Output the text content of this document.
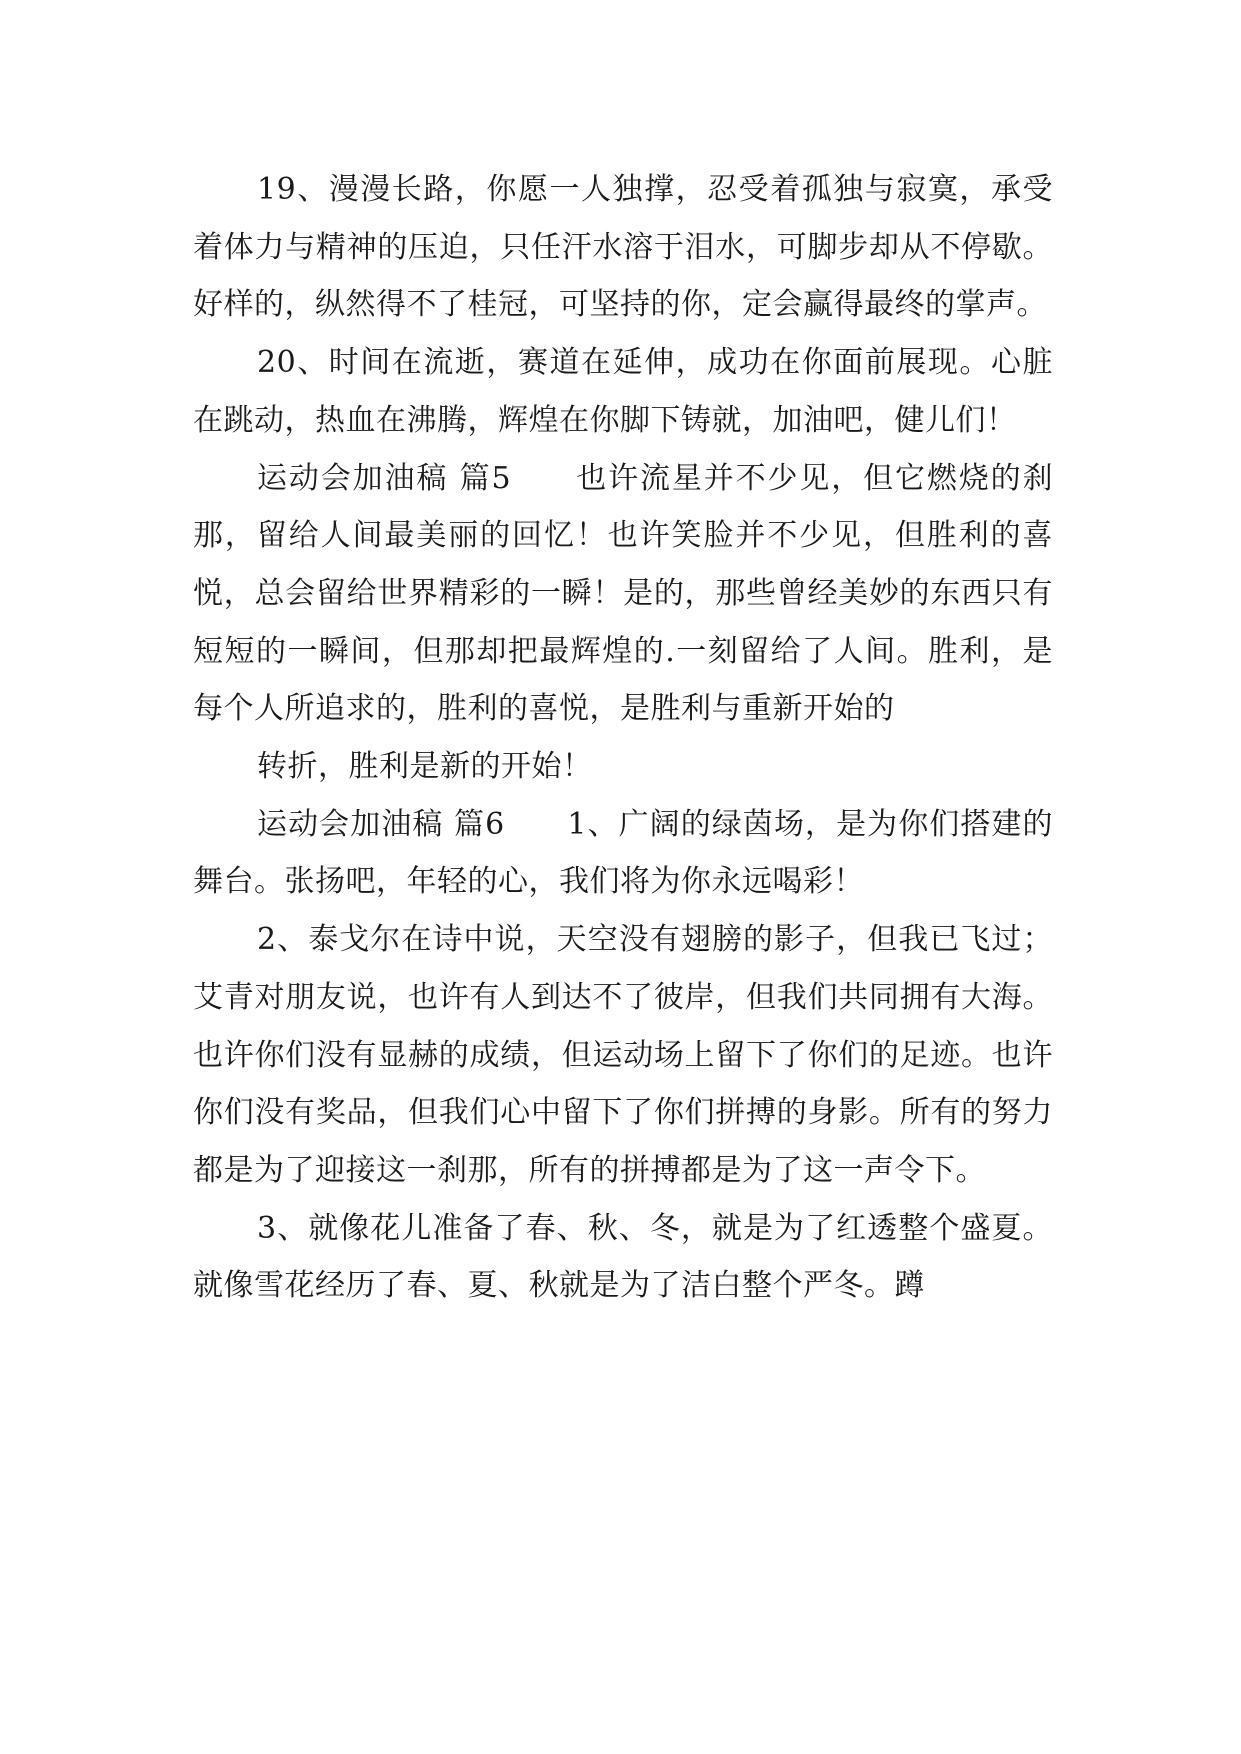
19、漫漫长路，你愿一人独撑，忍受着孤独与寂寞，承受着体力与精神的压迫，只任汗水溶于泪水，可脚步却从不停歇。好样的，纵然得不了桂冠，可坚持的你，定会赢得最终的掌声。

20、时间在流逝，赛道在延伸，成功在你面前展现。心脏在跳动，热血在沸腾，辉煌在你脚下铸就，加油吧，健儿们！

运动会加油稿 篇5　　也许流星并不少见，但它燃烧的刹那，留给人间最美丽的回忆！也许笑脸并不少见，但胜利的喜悦，总会留给世界精彩的一瞬！是的，那些曾经美妙的东西只有短短的一瞬间，但那却把最辉煌的.一刻留给了人间。胜利，是每个人所追求的，胜利的喜悦，是胜利与重新开始的

转折，胜利是新的开始！

运动会加油稿 篇6　　1、广阔的绿茵场，是为你们搭建的舞台。张扬吧，年轻的心，我们将为你永远喝彩！

2、泰戈尔在诗中说，天空没有翅膀的影子，但我已飞过；艾青对朋友说，也许有人到达不了彼岸，但我们共同拥有大海。也许你们没有显赫的成绩，但运动场上留下了你们的足迹。也许你们没有奖品，但我们心中留下了你们拼搏的身影。所有的努力都是为了迎接这一刹那，所有的拼搏都是为了这一声令下。

3、就像花儿准备了春、秋、冬，就是为了红透整个盛夏。就像雪花经历了春、夏、秋就是为了洁白整个严冬。蹲
